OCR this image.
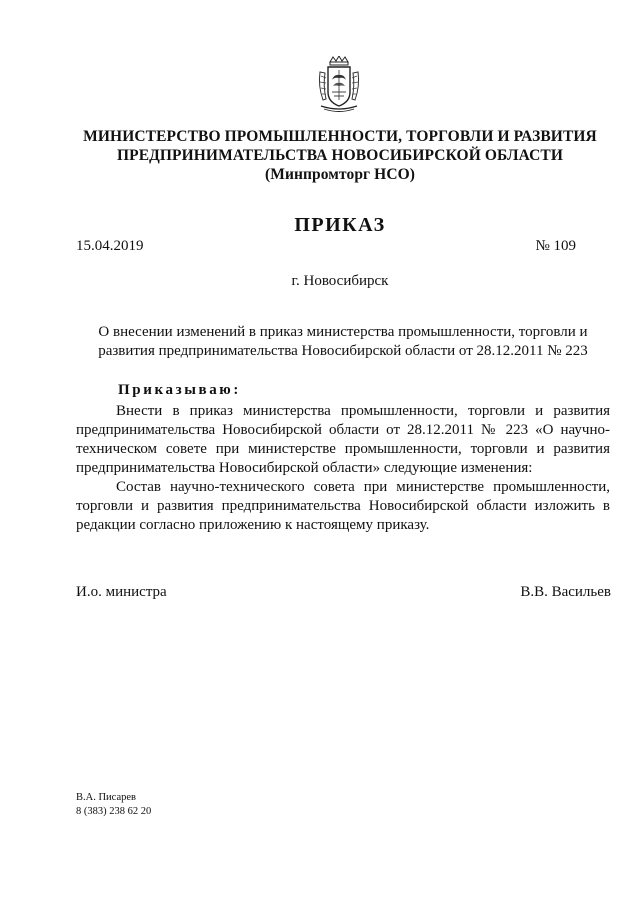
МИНИСТЕРСТВО ПРОМЫШЛЕННОСТИ, ТОРГОВЛИ И РАЗВИТИЯ
ПРЕДПРИНИМАТЕЛЬСТВА НОВОСИБИРСКОЙ ОБЛАСТИ
(Минпромторг НСО)
ПРИКАЗ
15.04.2019	№ 109
г. Новосибирск
О внесении изменений в приказ министерства промышленности, торговли и развития предпринимательства Новосибирской области от 28.12.2011 № 223
Приказываю:

Внести в приказ министерства промышленности, торговли и развития предпринимательства Новосибирской области от 28.12.2011 № 223 «О научно-техническом совете при министерстве промышленности, торговли и развития предпринимательства Новосибирской области» следующие изменения:

Состав научно-технического совета при министерстве промышленности, торговли и развития предпринимательства Новосибирской области изложить в редакции согласно приложению к настоящему приказу.

И.о. министра	В.В. Васильев
В.А. Писарев
8 (383) 238 62 20
